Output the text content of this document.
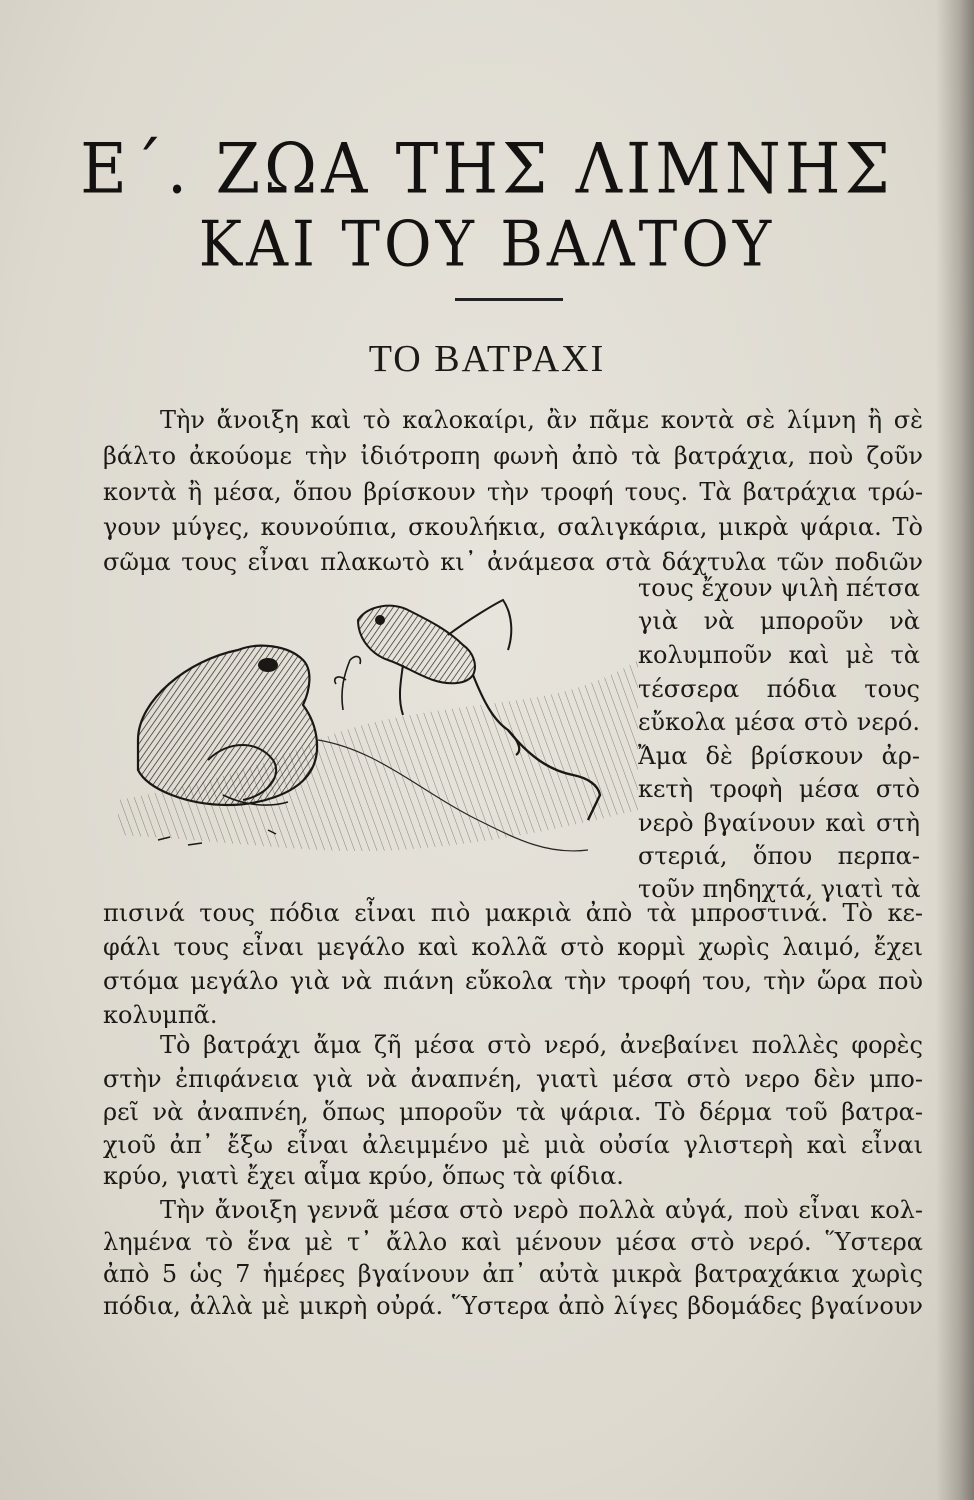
Ε΄. ΖΩΑ ΤΗΣ ΛΙΜΝΗΣ
ΚΑΙ ΤΟΥ ΒΑΛΤΟΥ
ΤΟ ΒΑΤΡΑΧΙ
Τὴν ἄνοιξη καὶ τὸ καλοκαίρι, ἂν πᾶμε κοντὰ σὲ λίμνη ἢ σὲ
βάλτο ἀκούομε τὴν ἰδιότροπη φωνὴ ἀπὸ τὰ βατράχια, ποὺ ζοῦν
κοντὰ ἢ μέσα, ὅπου βρίσκουν τὴν τροφή τους. Τὰ βατράχια τρώ-
γουν μύγες, κουνούπια, σκουλήκια, σαλιγκάρια, μικρὰ ψάρια. Τὸ
σῶμα τους εἶναι πλακωτὸ κι᾿ ἀνάμεσα στὰ δάχτυλα τῶν ποδιῶν
τους ἔχουν ψιλὴ πέτσα
γιὰ νὰ μποροῦν νὰ
κολυμποῦν καὶ μὲ τὰ
τέσσερα πόδια τους
εὔκολα μέσα στὸ νερό.
Ἄμα δὲ βρίσκουν ἀρ-
κετὴ τροφὴ μέσα στὸ
νερὸ βγαίνουν καὶ στὴ
στεριά, ὅπου περπα-
τοῦν πηδηχτά, γιατὶ τὰ
πισινά τους πόδια εἶναι πιὸ μακριὰ ἀπὸ τὰ μπροστινά. Τὸ κε-
φάλι τους εἶναι μεγάλο καὶ κολλᾶ στὸ κορμὶ χωρὶς λαιμό, ἔχει
στόμα μεγάλο γιὰ νὰ πιάνη εὔκολα τὴν τροφή του, τὴν ὥρα ποὺ
κολυμπᾶ.
Τὸ βατράχι ἄμα ζῆ μέσα στὸ νερό, ἀνεβαίνει πολλὲς φορὲς
στὴν ἐπιφάνεια γιὰ νὰ ἀναπνέη, γιατὶ μέσα στὸ νερο δὲν μπο-
ρεῖ νὰ ἀναπνέη, ὅπως μποροῦν τὰ ψάρια. Τὸ δέρμα τοῦ βατρα-
χιοῦ ἀπ᾿ ἔξω εἶναι ἀλειμμένο μὲ μιὰ οὐσία γλιστερὴ καὶ εἶναι
κρύο, γιατὶ ἔχει αἷμα κρύο, ὅπως τὰ φίδια.
Τὴν ἄνοιξη γεννᾶ μέσα στὸ νερὸ πολλὰ αὐγά, ποὺ εἶναι κολ-
λημένα τὸ ἕνα μὲ τ᾿ ἄλλο καὶ μένουν μέσα στὸ νερό. Ὕστερα
ἀπὸ 5 ὡς 7 ἡμέρες βγαίνουν ἀπ᾿ αὐτὰ μικρὰ βατραχάκια χωρὶς
πόδια, ἀλλὰ μὲ μικρὴ οὐρά. Ὕστερα ἀπὸ λίγες βδομάδες βγαίνουν
